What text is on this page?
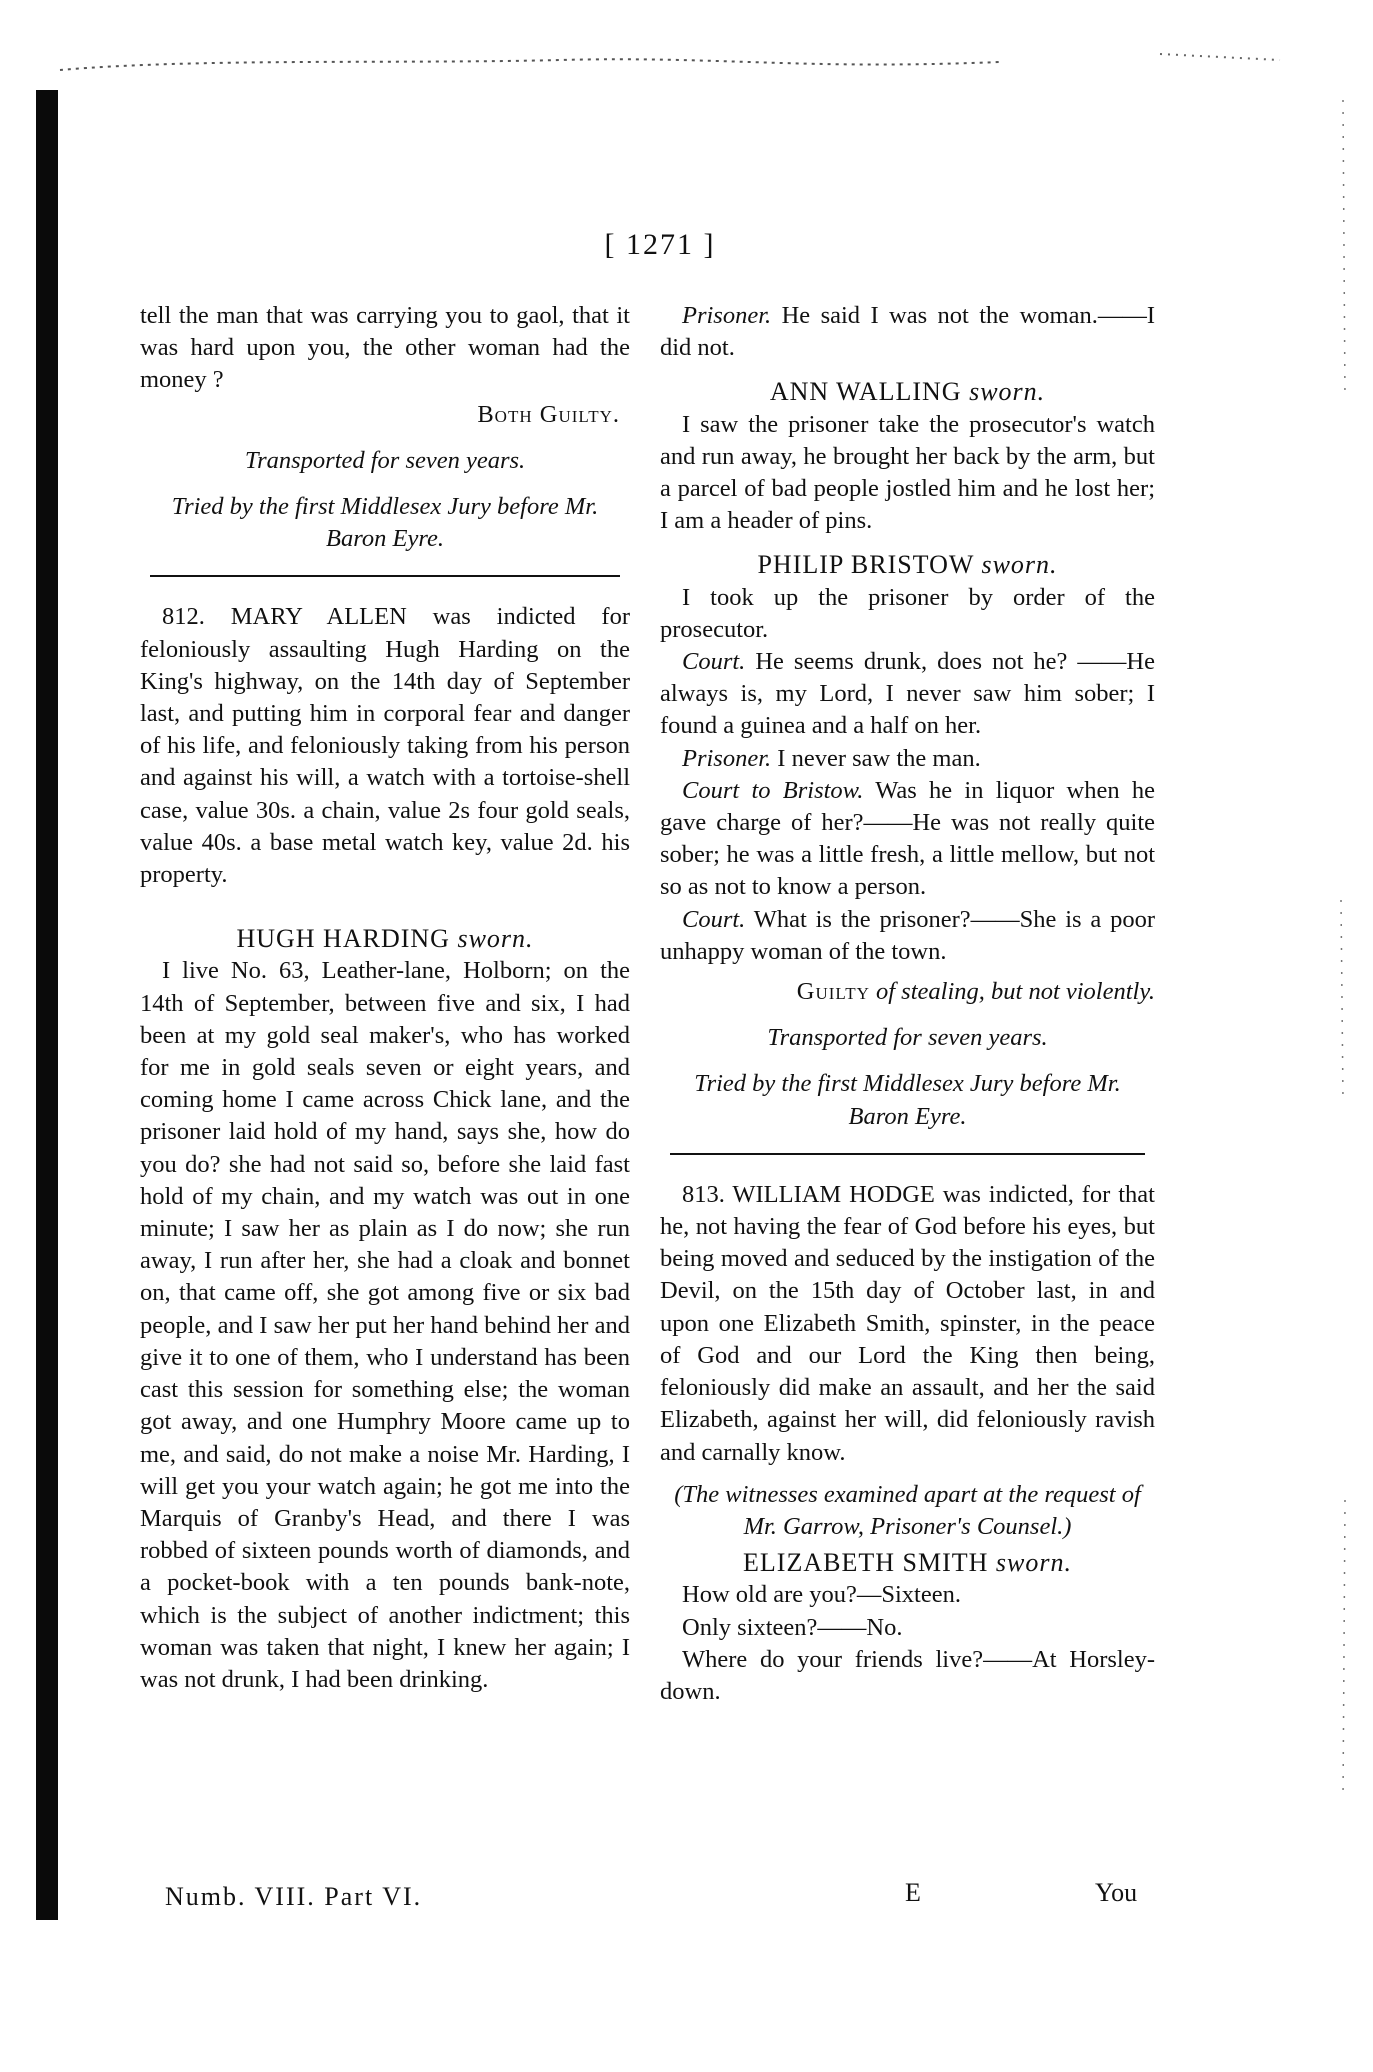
[ 1271 ]

tell the man that was carrying you to gaol, that it was hard upon you, the other woman had the money ?

Both Guilty.

Transported for seven years.

Tried by the first Middlesex Jury before Mr. Baron Eyre.

812. MARY ALLEN was indicted for feloniously assaulting Hugh Harding on the King's highway, on the 14th day of September last, and putting him in corporal fear and danger of his life, and feloniously taking from his person and against his will, a watch with a tortoise-shell case, value 30s. a chain, value 2s four gold seals, value 40s. a base metal watch key, value 2d. his property.

HUGH HARDING sworn.

I live No. 63, Leather-lane, Holborn; on the 14th of September, between five and six, I had been at my gold seal maker's, who has worked for me in gold seals seven or eight years, and coming home I came across Chick lane, and the prisoner laid hold of my hand, says she, how do you do? she had not said so, before she laid fast hold of my chain, and my watch was out in one minute; I saw her as plain as I do now; she run away, I run after her, she had a cloak and bonnet on, that came off, she got among five or six bad people, and I saw her put her hand behind her and give it to one of them, who I understand has been cast this session for something else; the woman got away, and one Humphry Moore came up to me, and said, do not make a noise Mr. Harding, I will get you your watch again; he got me into the Marquis of Granby's Head, and there I was robbed of sixteen pounds worth of diamonds, and a pocket-book with a ten pounds bank-note, which is the subject of another indictment; this woman was taken that night, I knew her again; I was not drunk, I had been drinking.

Numb. VIII. Part VI.

Prisoner. He said I was not the woman.——I did not.

ANN WALLING sworn.

I saw the prisoner take the prosecutor's watch and run away, he brought her back by the arm, but a parcel of bad people jostled him and he lost her; I am a header of pins.

PHILIP BRISTOW sworn.

I took up the prisoner by order of the prosecutor.

Court. He seems drunk, does not he? ——He always is, my Lord, I never saw him sober; I found a guinea and a half on her.

Prisoner. I never saw the man.

Court to Bristow. Was he in liquor when he gave charge of her?——He was not really quite sober; he was a little fresh, a little mellow, but not so as not to know a person.

Court. What is the prisoner?——She is a poor unhappy woman of the town.

Guilty of stealing, but not violently.

Transported for seven years.

Tried by the first Middlesex Jury before Mr. Baron Eyre.

813. WILLIAM HODGE was indicted, for that he, not having the fear of God before his eyes, but being moved and seduced by the instigation of the Devil, on the 15th day of October last, in and upon one Elizabeth Smith, spinster, in the peace of God and our Lord the King then being, feloniously did make an assault, and her the said Elizabeth, against her will, did feloniously ravish and carnally know.

(The witnesses examined apart at the request of Mr. Garrow, Prisoner's Counsel.)

ELIZABETH SMITH sworn.

How old are you?—Sixteen.

Only sixteen?——No.

Where do your friends live?——At Horsley-down.

E	You
